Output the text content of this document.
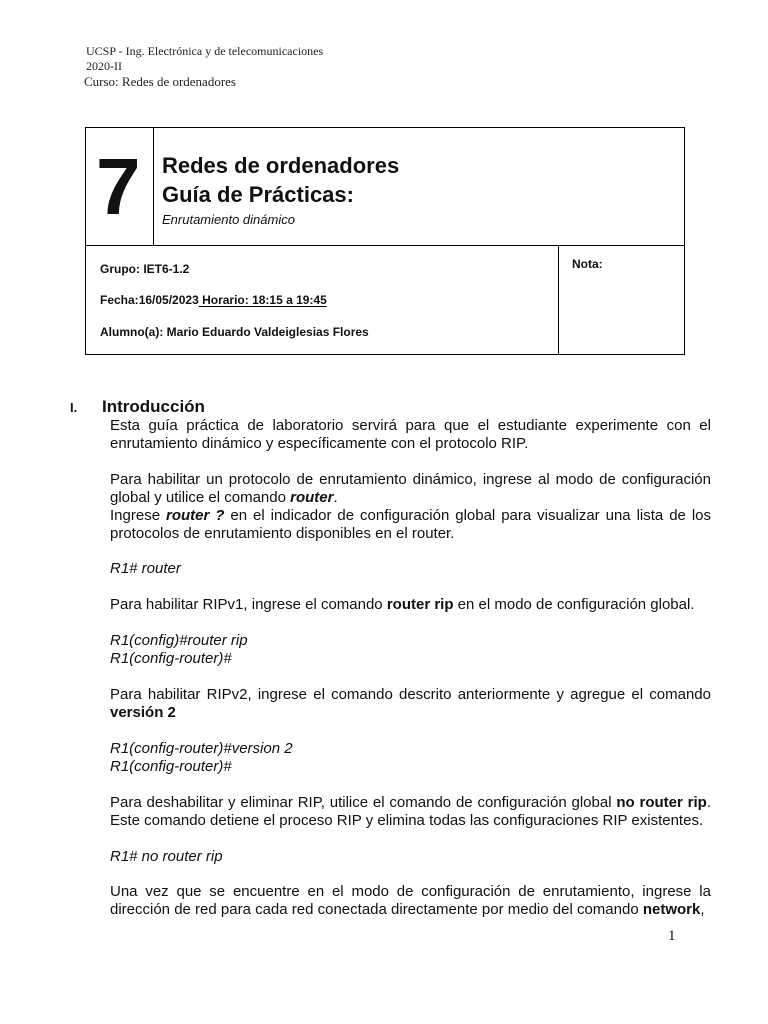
UCSP - Ing. Electrónica y de telecomunicaciones
2020-II
Curso: Redes de ordenadores
7 Redes de ordenadores
Guía de Prácticas:
Enrutamiento dinámico
Grupo: IET6-1.2
Fecha:16/05/2023 Horario: 18:15 a 19:45
Alumno(a): Mario Eduardo Valdeiglesias Flores
Nota:
I. Introducción
Esta guía práctica de laboratorio servirá para que el estudiante experimente con el enrutamiento dinámico y específicamente con el protocolo RIP.
Para habilitar un protocolo de enrutamiento dinámico, ingrese al modo de configuración global y utilice el comando router.
Ingrese router ? en el indicador de configuración global para visualizar una lista de los protocolos de enrutamiento disponibles en el router.
R1# router
Para habilitar RIPv1, ingrese el comando router rip en el modo de configuración global.
R1(config)#router rip
R1(config-router)#
Para habilitar RIPv2, ingrese el comando descrito anteriormente y agregue el comando versión 2
R1(config-router)#version 2
R1(config-router)#
Para deshabilitar y eliminar RIP, utilice el comando de configuración global no router rip. Este comando detiene el proceso RIP y elimina todas las configuraciones RIP existentes.
R1# no router rip
Una vez que se encuentre en el modo de configuración de enrutamiento, ingrese la dirección de red para cada red conectada directamente por medio del comando network,
1
